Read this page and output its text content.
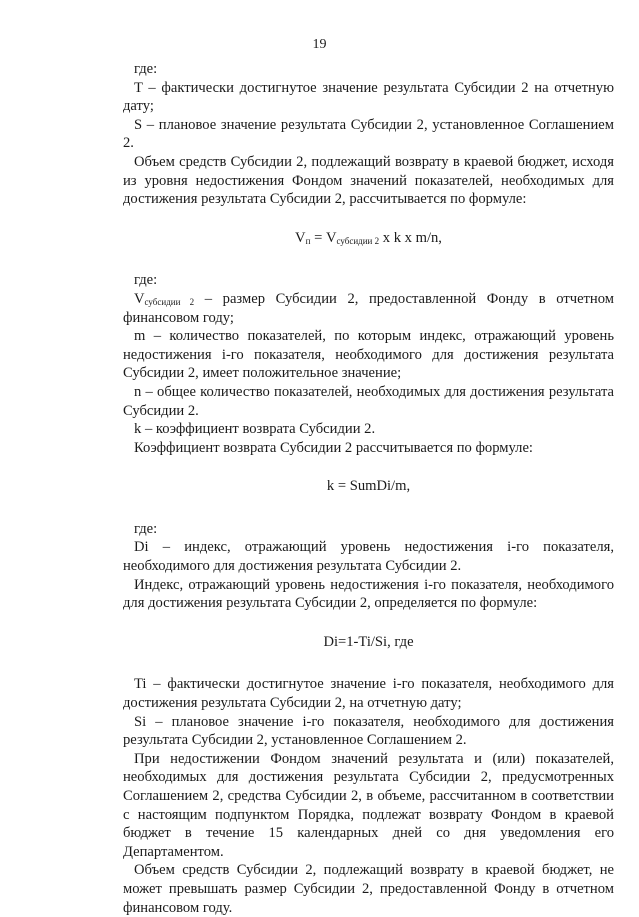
19

где:

T – фактически достигнутое значение результата Субсидии 2 на отчетную дату;

S – плановое значение результата Субсидии 2, установленное Соглашением 2.

Объем средств Субсидии 2, подлежащий возврату в краевой бюджет, исходя из уровня недостижения Фондом значений показателей, необходимых для достижения результата Субсидии 2, рассчитывается по формуле:

$V_п = V_{субсидии 2}$ x k x m/n,

где:

$V_{субсидии 2}$ – размер Субсидии 2, предоставленной Фонду в отчетном финансовом году;

m – количество показателей, по которым индекс, отражающий уровень недостижения i-го показателя, необходимого для достижения результата Субсидии 2, имеет положительное значение;

n – общее количество показателей, необходимых для достижения результата Субсидии 2.

k – коэффициент возврата Субсидии 2.

Коэффициент возврата Субсидии 2 рассчитывается по формуле:

k = SumDi/m,

где:

Di – индекс, отражающий уровень недостижения i-го показателя, необходимого для достижения результата Субсидии 2.

Индекс, отражающий уровень недостижения i-го показателя, необходимого для достижения результата Субсидии 2, определяется по формуле:

Di=1-Ti/Si, где

Ti – фактически достигнутое значение i-го показателя, необходимого для достижения результата Субсидии 2, на отчетную дату;

Si – плановое значение i-го показателя, необходимого для достижения результата Субсидии 2, установленное Соглашением 2.

При недостижении Фондом значений результата и (или) показателей, необходимых для достижения результата Субсидии 2, предусмотренных Соглашением 2, средства Субсидии 2, в объеме, рассчитанном в соответствии с настоящим подпунктом Порядка, подлежат возврату Фондом в краевой бюджет в течение 15 календарных дней со дня уведомления его Департаментом.

Объем средств Субсидии 2, подлежащий возврату в краевой бюджет, не может превышать размер Субсидии 2, предоставленной Фонду в отчетном финансовом году.
